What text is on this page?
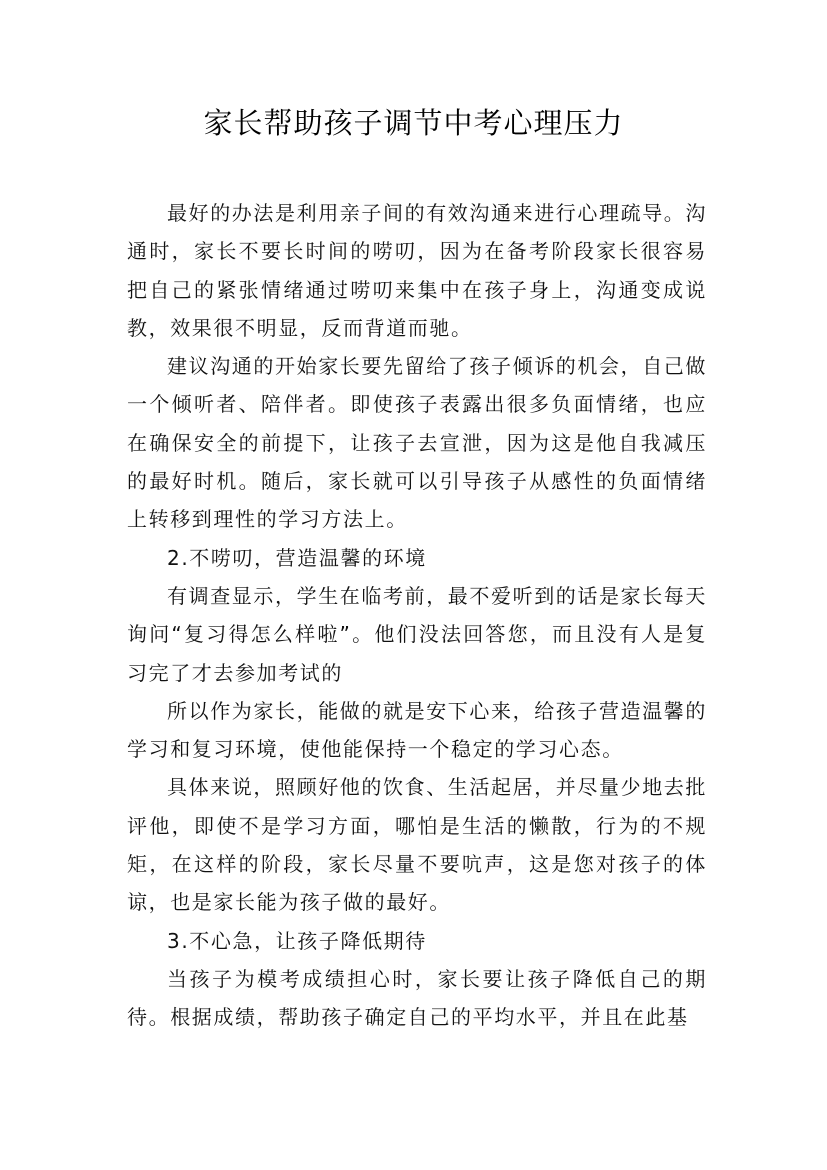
家长帮助孩子调节中考心理压力

最好的办法是利用亲子间的有效沟通来进行心理疏导。沟通时，家长不要长时间的唠叨，因为在备考阶段家长很容易把自己的紧张情绪通过唠叨来集中在孩子身上，沟通变成说教，效果很不明显，反而背道而驰。

建议沟通的开始家长要先留给了孩子倾诉的机会，自己做一个倾听者、陪伴者。即使孩子表露出很多负面情绪，也应在确保安全的前提下，让孩子去宣泄，因为这是他自我减压的最好时机。随后，家长就可以引导孩子从感性的负面情绪上转移到理性的学习方法上。

2.不唠叨，营造温馨的环境

有调查显示，学生在临考前，最不爱听到的话是家长每天询问“复习得怎么样啦”。他们没法回答您，而且没有人是复习完了才去参加考试的

所以作为家长，能做的就是安下心来，给孩子营造温馨的学习和复习环境，使他能保持一个稳定的学习心态。

具体来说，照顾好他的饮食、生活起居，并尽量少地去批评他，即使不是学习方面，哪怕是生活的懒散，行为的不规矩，在这样的阶段，家长尽量不要吭声，这是您对孩子的体谅，也是家长能为孩子做的最好。

3.不心急，让孩子降低期待

当孩子为模考成绩担心时，家长要让孩子降低自己的期待。根据成绩，帮助孩子确定自己的平均水平，并且在此基
